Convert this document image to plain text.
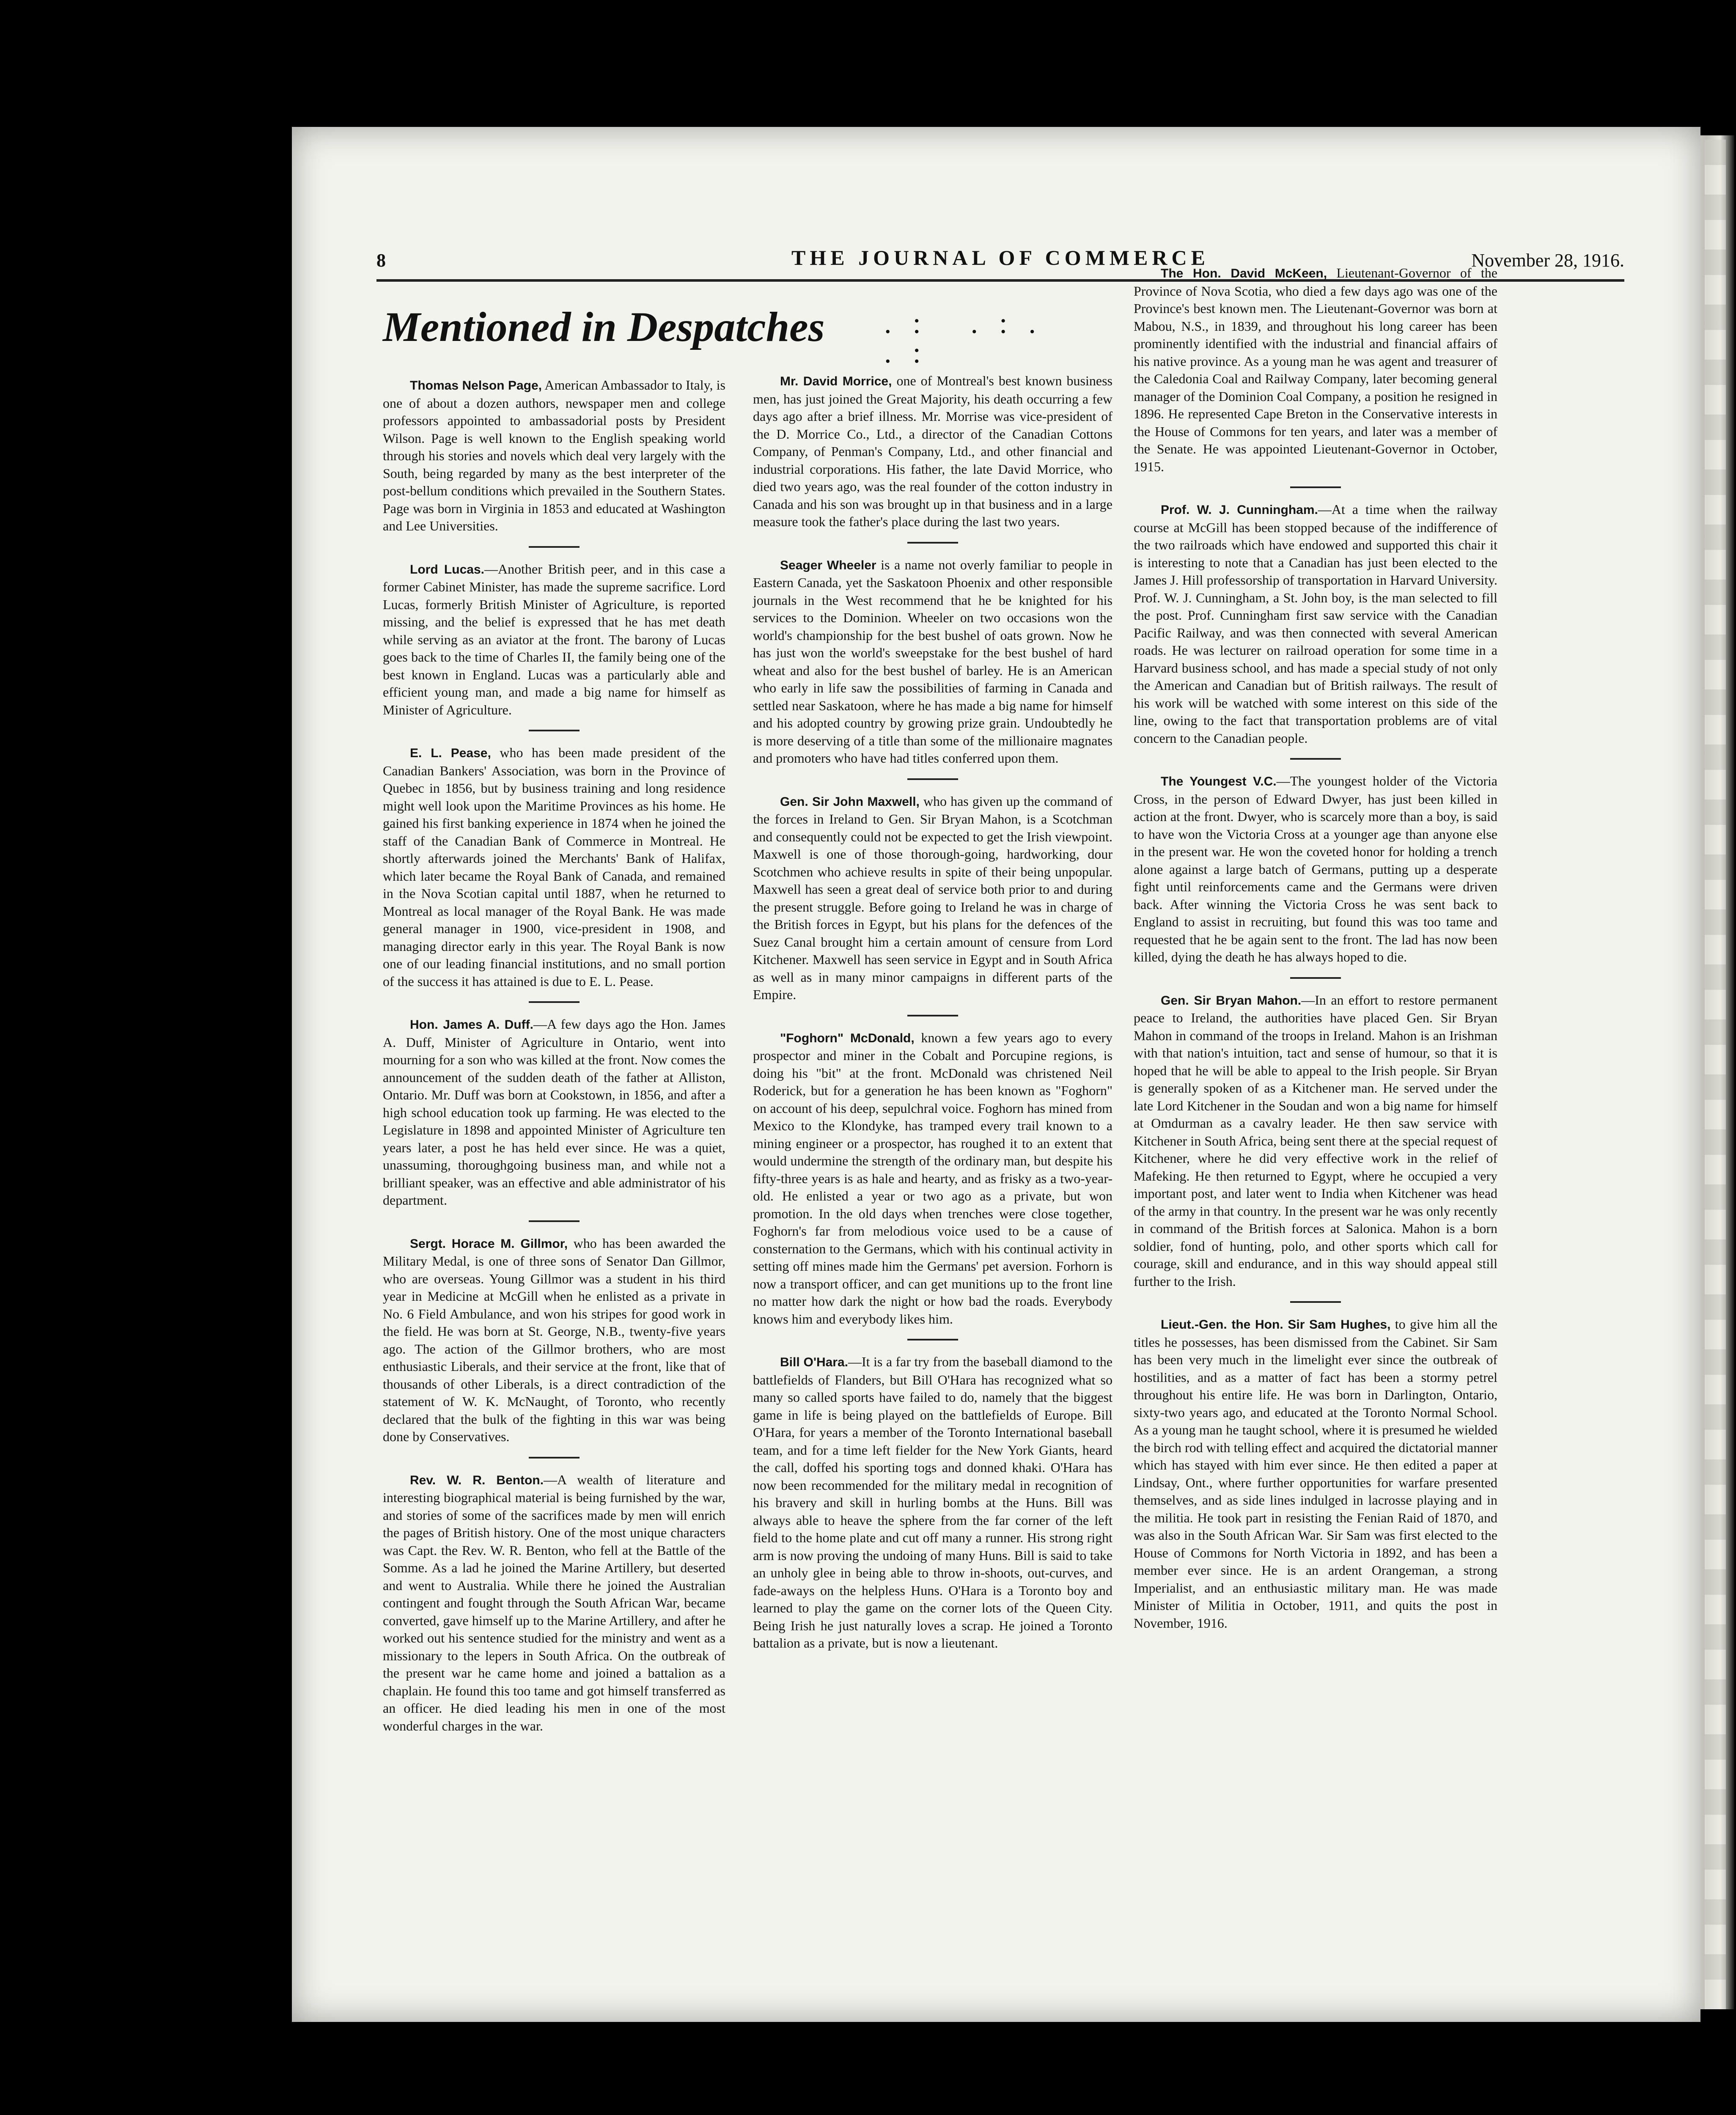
8	THE JOURNAL OF COMMERCE	November 28, 1916.
Mentioned in Despatches	.: .:. .:

Thomas Nelson Page, American Ambassador to Italy, is one of about a dozen authors, newspaper men and college professors appointed to ambassadorial posts by President Wilson. Page is well known to the English speaking world through his stories and novels which deal very largely with the South, being regarded by many as the best interpreter of the post-bellum conditions which prevailed in the Southern States. Page was born in Virginia in 1853 and educated at Washington and Lee Universities.

Lord Lucas.—Another British peer, and in this case a former Cabinet Minister, has made the supreme sacrifice. Lord Lucas, formerly British Minister of Agriculture, is reported missing, and the belief is expressed that he has met death while serving as an aviator at the front. The barony of Lucas goes back to the time of Charles II, the family being one of the best known in England. Lucas was a particularly able and efficient young man, and made a big name for himself as Minister of Agriculture.

E. L. Pease, who has been made president of the Canadian Bankers' Association, was born in the Province of Quebec in 1856, but by business training and long residence might well look upon the Maritime Provinces as his home. He gained his first banking experience in 1874 when he joined the staff of the Canadian Bank of Commerce in Montreal. He shortly afterwards joined the Merchants' Bank of Halifax, which later became the Royal Bank of Canada, and remained in the Nova Scotian capital until 1887, when he returned to Montreal as local manager of the Royal Bank. He was made general manager in 1900, vice-president in 1908, and managing director early in this year. The Royal Bank is now one of our leading financial institutions, and no small portion of the success it has attained is due to E. L. Pease.

Hon. James A. Duff.—A few days ago the Hon. James A. Duff, Minister of Agriculture in Ontario, went into mourning for a son who was killed at the front. Now comes the announcement of the sudden death of the father at Alliston, Ontario. Mr. Duff was born at Cookstown, in 1856, and after a high school education took up farming. He was elected to the Legislature in 1898 and appointed Minister of Agriculture ten years later, a post he has held ever since. He was a quiet, unassuming, thoroughgoing business man, and while not a brilliant speaker, was an effective and able administrator of his department.

Sergt. Horace M. Gillmor, who has been awarded the Military Medal, is one of three sons of Senator Dan Gillmor, who are overseas. Young Gillmor was a student in his third year in Medicine at McGill when he enlisted as a private in No. 6 Field Ambulance, and won his stripes for good work in the field. He was born at St. George, N.B., twenty-five years ago. The action of the Gillmor brothers, who are most enthusiastic Liberals, and their service at the front, like that of thousands of other Liberals, is a direct contradiction of the statement of W. K. McNaught, of Toronto, who recently declared that the bulk of the fighting in this war was being done by Conservatives.

Rev. W. R. Benton.—A wealth of literature and interesting biographical material is being furnished by the war, and stories of some of the sacrifices made by men will enrich the pages of British history. One of the most unique characters was Capt. the Rev. W. R. Benton, who fell at the Battle of the Somme. As a lad he joined the Marine Artillery, but deserted and went to Australia. While there he joined the Australian contingent and fought through the South African War, became converted, gave himself up to the Marine Artillery, and after he worked out his sentence studied for the ministry and went as a missionary to the lepers in South Africa. On the outbreak of the present war he came home and joined a battalion as a chaplain. He found this too tame and got himself transferred as an officer. He died leading his men in one of the most wonderful charges in the war.

Mr. David Morrice, one of Montreal's best known business men, has just joined the Great Majority, his death occurring a few days ago after a brief illness. Mr. Morrise was vice-president of the D. Morrice Co., Ltd., a director of the Canadian Cottons Company, of Penman's Company, Ltd., and other financial and industrial corporations. His father, the late David Morrice, who died two years ago, was the real founder of the cotton industry in Canada and his son was brought up in that business and in a large measure took the father's place during the last two years.

Seager Wheeler is a name not overly familiar to people in Eastern Canada, yet the Saskatoon Phoenix and other responsible journals in the West recommend that he be knighted for his services to the Dominion. Wheeler on two occasions won the world's championship for the best bushel of oats grown. Now he has just won the world's sweepstake for the best bushel of hard wheat and also for the best bushel of barley. He is an American who early in life saw the possibilities of farming in Canada and settled near Saskatoon, where he has made a big name for himself and his adopted country by growing prize grain. Undoubtedly he is more deserving of a title than some of the millionaire magnates and promoters who have had titles conferred upon them.

Gen. Sir John Maxwell, who has given up the command of the forces in Ireland to Gen. Sir Bryan Mahon, is a Scotchman and consequently could not be expected to get the Irish viewpoint. Maxwell is one of those thorough-going, hardworking, dour Scotchmen who achieve results in spite of their being unpopular. Maxwell has seen a great deal of service both prior to and during the present struggle. Before going to Ireland he was in charge of the British forces in Egypt, but his plans for the defences of the Suez Canal brought him a certain amount of censure from Lord Kitchener. Maxwell has seen service in Egypt and in South Africa as well as in many minor campaigns in different parts of the Empire.

"Foghorn" McDonald, known a few years ago to every prospector and miner in the Cobalt and Porcupine regions, is doing his "bit" at the front. McDonald was christened Neil Roderick, but for a generation he has been known as "Foghorn" on account of his deep, sepulchral voice. Foghorn has mined from Mexico to the Klondyke, has tramped every trail known to a mining engineer or a prospector, has roughed it to an extent that would undermine the strength of the ordinary man, but despite his fifty-three years is as hale and hearty, and as frisky as a two-year-old. He enlisted a year or two ago as a private, but won promotion. In the old days when trenches were close together, Foghorn's far from melodious voice used to be a cause of consternation to the Germans, which with his continual activity in setting off mines made him the Germans' pet aversion. Forhorn is now a transport officer, and can get munitions up to the front line no matter how dark the night or how bad the roads. Everybody knows him and everybody likes him.

Bill O'Hara.—It is a far try from the baseball diamond to the battlefields of Flanders, but Bill O'Hara has recognized what so many so called sports have failed to do, namely that the biggest game in life is being played on the battlefields of Europe. Bill O'Hara, for years a member of the Toronto International baseball team, and for a time left fielder for the New York Giants, heard the call, doffed his sporting togs and donned khaki. O'Hara has now been recommended for the military medal in recognition of his bravery and skill in hurling bombs at the Huns. Bill was always able to heave the sphere from the far corner of the left field to the home plate and cut off many a runner. His strong right arm is now proving the undoing of many Huns. Bill is said to take an unholy glee in being able to throw in-shoots, out-curves, and fade-aways on the helpless Huns. O'Hara is a Toronto boy and learned to play the game on the corner lots of the Queen City. Being Irish he just naturally loves a scrap. He joined a Toronto battalion as a private, but is now a lieutenant.

The Hon. David McKeen, Lieutenant-Governor of the Province of Nova Scotia, who died a few days ago was one of the Province's best known men. The Lieutenant-Governor was born at Mabou, N.S., in 1839, and throughout his long career has been prominently identified with the industrial and financial affairs of his native province. As a young man he was agent and treasurer of the Caledonia Coal and Railway Company, later becoming general manager of the Dominion Coal Company, a position he resigned in 1896. He represented Cape Breton in the Conservative interests in the House of Commons for ten years, and later was a member of the Senate. He was appointed Lieutenant-Governor in October, 1915.

Prof. W. J. Cunningham.—At a time when the railway course at McGill has been stopped because of the indifference of the two railroads which have endowed and supported this chair it is interesting to note that a Canadian has just been elected to the James J. Hill professorship of transportation in Harvard University. Prof. W. J. Cunningham, a St. John boy, is the man selected to fill the post. Prof. Cunningham first saw service with the Canadian Pacific Railway, and was then connected with several American roads. He was lecturer on railroad operation for some time in a Harvard business school, and has made a special study of not only the American and Canadian but of British railways. The result of his work will be watched with some interest on this side of the line, owing to the fact that transportation problems are of vital concern to the Canadian people.

The Youngest V.C.—The youngest holder of the Victoria Cross, in the person of Edward Dwyer, has just been killed in action at the front. Dwyer, who is scarcely more than a boy, is said to have won the Victoria Cross at a younger age than anyone else in the present war. He won the coveted honor for holding a trench alone against a large batch of Germans, putting up a desperate fight until reinforcements came and the Germans were driven back. After winning the Victoria Cross he was sent back to England to assist in recruiting, but found this was too tame and requested that he be again sent to the front. The lad has now been killed, dying the death he has always hoped to die.

Gen. Sir Bryan Mahon.—In an effort to restore permanent peace to Ireland, the authorities have placed Gen. Sir Bryan Mahon in command of the troops in Ireland. Mahon is an Irishman with that nation's intuition, tact and sense of humour, so that it is hoped that he will be able to appeal to the Irish people. Sir Bryan is generally spoken of as a Kitchener man. He served under the late Lord Kitchener in the Soudan and won a big name for himself at Omdurman as a cavalry leader. He then saw service with Kitchener in South Africa, being sent there at the special request of Kitchener, where he did very effective work in the relief of Mafeking. He then returned to Egypt, where he occupied a very important post, and later went to India when Kitchener was head of the army in that country. In the present war he was only recently in command of the British forces at Salonica. Mahon is a born soldier, fond of hunting, polo, and other sports which call for courage, skill and endurance, and in this way should appeal still further to the Irish.

Lieut.-Gen. the Hon. Sir Sam Hughes, to give him all the titles he possesses, has been dismissed from the Cabinet. Sir Sam has been very much in the limelight ever since the outbreak of hostilities, and as a matter of fact has been a stormy petrel throughout his entire life. He was born in Darlington, Ontario, sixty-two years ago, and educated at the Toronto Normal School. As a young man he taught school, where it is presumed he wielded the birch rod with telling effect and acquired the dictatorial manner which has stayed with him ever since. He then edited a paper at Lindsay, Ont., where further opportunities for warfare presented themselves, and as side lines indulged in lacrosse playing and in the militia. He took part in resisting the Fenian Raid of 1870, and was also in the South African War. Sir Sam was first elected to the House of Commons for North Victoria in 1892, and has been a member ever since. He is an ardent Orangeman, a strong Imperialist, and an enthusiastic military man. He was made Minister of Militia in October, 1911, and quits the post in November, 1916.
